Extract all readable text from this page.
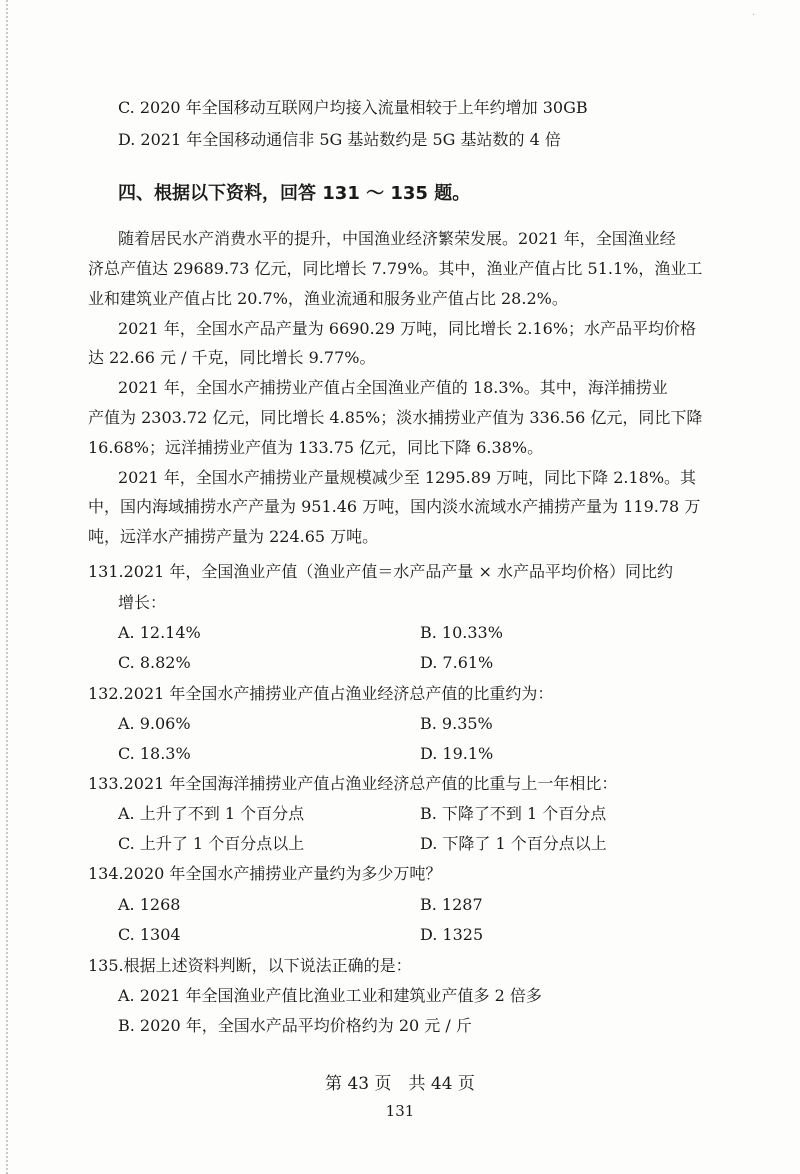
·
C. 2020 年全国移动互联网户均接入流量相较于上年约增加 30GB
D. 2021 年全国移动通信非 5G 基站数约是 5G 基站数的 4 倍
四、根据以下资料，回答 131 ～ 135 题。
随着居民水产消费水平的提升，中国渔业经济繁荣发展。2021 年，全国渔业经
济总产值达 29689.73 亿元，同比增长 7.79%。其中，渔业产值占比 51.1%，渔业工
业和建筑业产值占比 20.7%，渔业流通和服务业产值占比 28.2%。
2021 年，全国水产品产量为 6690.29 万吨，同比增长 2.16%；水产品平均价格
达 22.66 元 / 千克，同比增长 9.77%。
2021 年，全国水产捕捞业产值占全国渔业产值的 18.3%。其中，海洋捕捞业
产值为 2303.72 亿元，同比增长 4.85%；淡水捕捞业产值为 336.56 亿元，同比下降
16.68%；远洋捕捞业产值为 133.75 亿元，同比下降 6.38%。
2021 年，全国水产捕捞业产量规模减少至 1295.89 万吨，同比下降 2.18%。其
中，国内海域捕捞水产产量为 951.46 万吨，国内淡水流域水产捕捞产量为 119.78 万
吨，远洋水产捕捞产量为 224.65 万吨。
131.2021 年，全国渔业产值（渔业产值＝水产品产量 × 水产品平均价格）同比约
增长：
A. 12.14%	B. 10.33%
C. 8.82%	D. 7.61%
132.2021 年全国水产捕捞业产值占渔业经济总产值的比重约为：
A. 9.06%	B. 9.35%
C. 18.3%	D. 19.1%
133.2021 年全国海洋捕捞业产值占渔业经济总产值的比重与上一年相比：
A. 上升了不到 1 个百分点	B. 下降了不到 1 个百分点
C. 上升了 1 个百分点以上	D. 下降了 1 个百分点以上
134.2020 年全国水产捕捞业产量约为多少万吨？
A. 1268	B. 1287
C. 1304	D. 1325
135.根据上述资料判断，以下说法正确的是：
A. 2021 年全国渔业产值比渔业工业和建筑业产值多 2 倍多
B. 2020 年，全国水产品平均价格约为 20 元 / 斤
第 43 页　共 44 页
131
